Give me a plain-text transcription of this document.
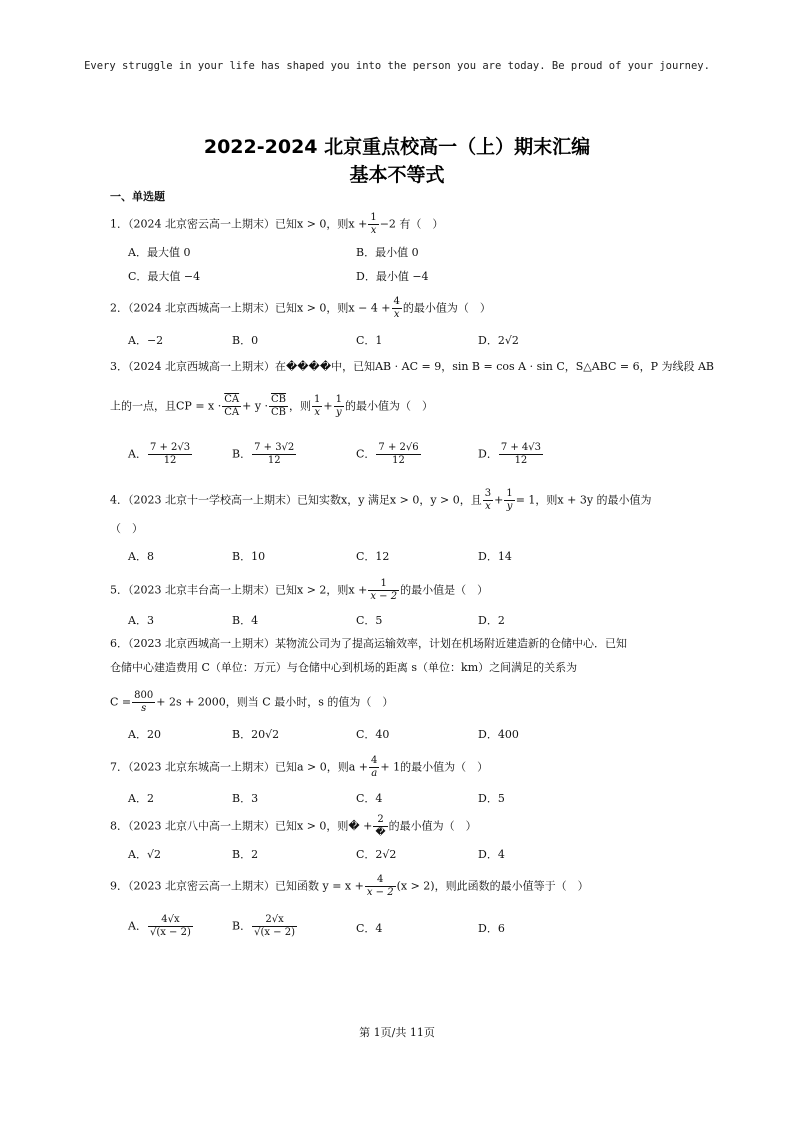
Every struggle in your life has shaped you into the person you are today. Be proud of your journey.
2022-2024 北京重点校高一（上）期末汇编
基本不等式
一、单选题
1．（2024 北京密云高一上期末）已知x > 0，则$x + \frac{1}{x} -2$ 有（　）
A．最大值 0	B．最小值 0
C．最大值 −4	D．最小值 −4
2．（2024 北京西城高一上期末）已知x > 0，则$x - 4 + \frac{4}{x}$ 的最小值为（　）
A．−2	B．0	C．1	D．2√2
3．（2024 北京西城高一上期末）在����中，已知AB · AC = 9，sin B = cos A · sin C，S△ABC = 6，P 为线段 AB
上的一点，且CP = $x \cdot \frac{\overline{CA}}{CA} + y \cdot \frac{\overline{CB}}{CB}$ ，则 $\frac{1}{x} + \frac{1}{y}$ 的最小值为（　）
A． $\frac{7 + 2√3}{12}$	B． $\frac{7 + 3√2}{12}$	C． $\frac{7 + 2√6}{12}$	D． $\frac{7 + 4√3}{12}$
4．（2023 北京十一学校高一上期末）已知实数x，y 满足x > 0，y > 0，且 $\frac{3}{x} + \frac{1}{y} = 1$，则x + 3y 的最小值为
（　）
A．8	B．10	C．12	D．14
5．（2023 北京丰台高一上期末）已知x > 2，则$x + \frac{1}{x - 2}$ 的最小值是（　）
A．3	B．4	C．5	D．2
6．（2023 北京西城高一上期末）某物流公司为了提高运输效率，计划在机场附近建造新的仓储中心．已知
仓储中心建造费用 C（单位：万元）与仓储中心到机场的距离 s（单位：km）之间满足的关系为
$C = \frac{800}{s} + 2s + 2000$，则当 C 最小时，s 的值为（　）
A．20	B．20√2	C．40	D．400
7．（2023 北京东城高一上期末）已知a > 0，则$a + \frac{4}{a} + 1$的最小值为（　）
A．2	B．3	C．4	D．5
8．（2023 北京八中高一上期末）已知x > 0，则� + $\frac{2}{�}$ 的最小值为（　）
A．√2	B．2	C．2√2	D．4
9．（2023 北京密云高一上期末）已知函数 $y = x + \frac{4}{x - 2} (x > 2)$，则此函数的最小值等于（　）
A． $\frac{4√x}{√(x - 2)}$	B． $\frac{2√x}{√(x - 2)}$	C．4	D．6
第 1页/共 11页
